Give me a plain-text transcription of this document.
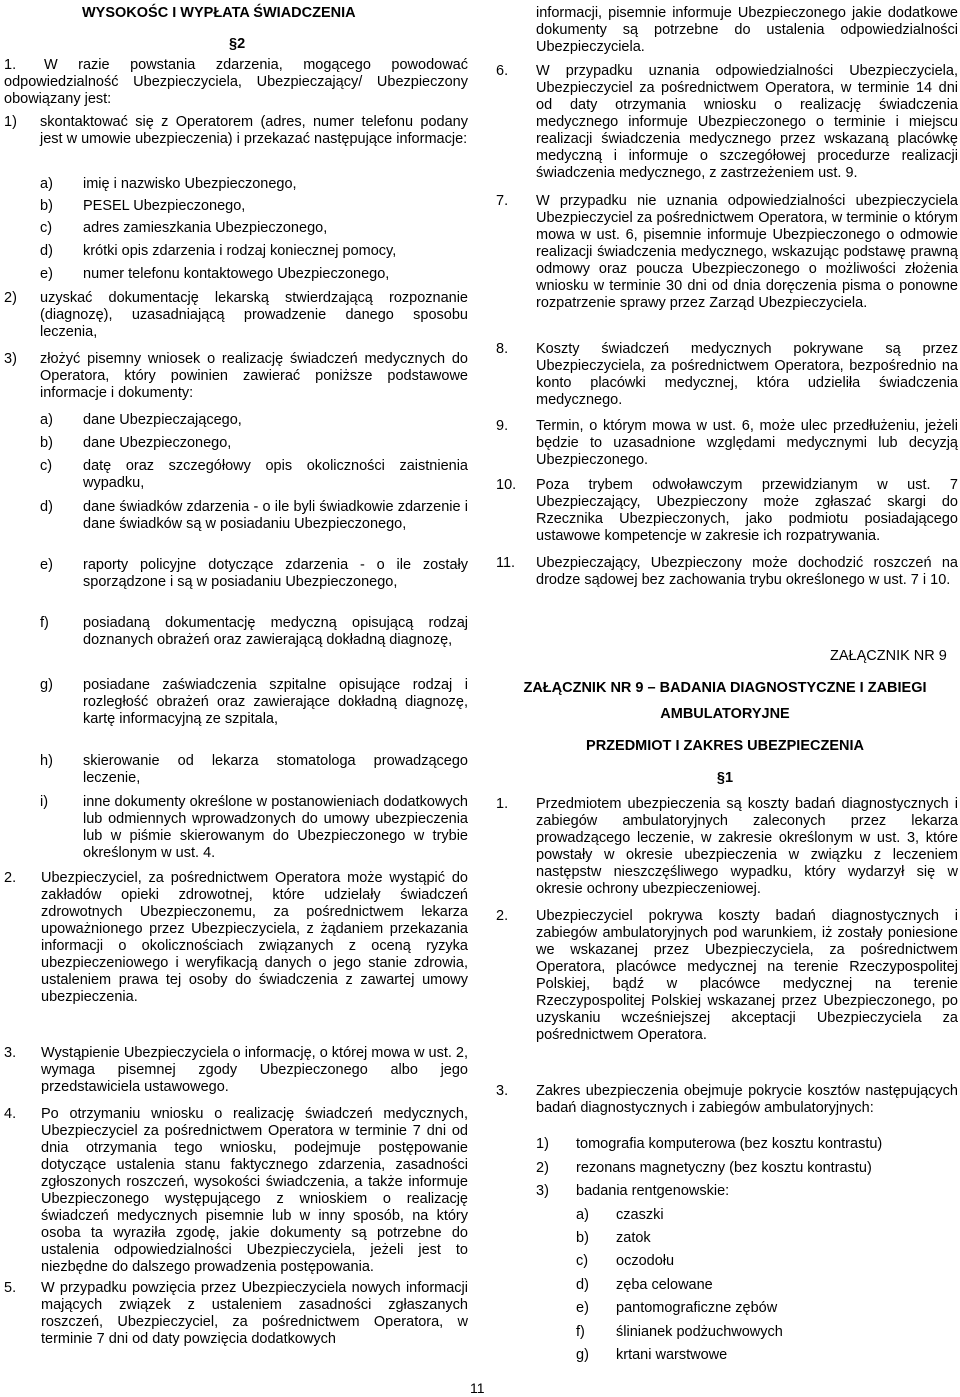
WYSOKOŚC I WYPŁATA ŚWIADCZENIA
§2
1.	W razie powstania zdarzenia, mogącego powodować odpowiedzialność Ubezpieczyciela, Ubezpieczający/ Ubezpieczony obowiązany jest:
1)	skontaktować się z Operatorem (adres, numer telefonu podany jest w umowie ubezpieczenia) i przekazać następujące informacje:
a)	imię i nazwisko Ubezpieczonego,
b)	PESEL Ubezpieczonego,
c)	adres zamieszkania Ubezpieczonego,
d)	krótki opis zdarzenia i rodzaj koniecznej pomocy,
e)	numer telefonu kontaktowego Ubezpieczonego,
2)	uzyskać dokumentację lekarską stwierdzającą rozpoznanie (diagnozę), uzasadniającą prowadzenie danego sposobu leczenia,
3)	złożyć pisemny wniosek o realizację świadczeń medycznych do Operatora, który powinien zawierać poniższe podstawowe informacje i dokumenty:
a)	dane Ubezpieczającego,
b)	dane Ubezpieczonego,
c)	datę oraz szczegółowy opis okoliczności zaistnienia wypadku,
d)	dane świadków zdarzenia - o ile byli świadkowie zdarzenie i dane świadków są w posiadaniu Ubezpieczonego,
e)	raporty policyjne dotyczące zdarzenia - o ile zostały sporządzone i są w posiadaniu Ubezpieczonego,
f)	posiadaną dokumentację medyczną opisującą rodzaj doznanych obrażeń oraz zawierającą dokładną diagnozę,
g)	posiadane zaświadczenia szpitalne opisujące rodzaj i rozległość obrażeń oraz zawierające dokładną diagnozę, kartę informacyjną ze szpitala,
h)	skierowanie od lekarza stomatologa prowadzącego leczenie,
i)	inne dokumenty określone w postanowieniach dodatkowych lub odmiennych wprowadzonych do umowy ubezpieczenia lub w piśmie skierowanym do Ubezpieczonego w trybie określonym w ust. 4.
2.	Ubezpieczyciel, za pośrednictwem Operatora może wystąpić do zakładów opieki zdrowotnej, które udzielały świadczeń zdrowotnych Ubezpieczonemu, za pośrednictwem lekarza upoważnionego przez Ubezpieczyciela, z żądaniem przekazania informacji o okolicznościach związanych z oceną ryzyka ubezpieczeniowego i weryfikacją danych o jego stanie zdrowia, ustaleniem prawa tej osoby do świadczenia z zawartej umowy ubezpieczenia.
3.	Wystąpienie Ubezpieczyciela o informację, o której mowa w ust. 2, wymaga pisemnej zgody Ubezpieczonego albo jego przedstawiciela ustawowego.
4.	Po otrzymaniu wniosku o realizację świadczeń medycznych, Ubezpieczyciel za pośrednictwem Operatora w terminie 7 dni od dnia otrzymania tego wniosku, podejmuje postępowanie dotyczące ustalenia stanu faktycznego zdarzenia, zasadności zgłoszonych roszczeń, wysokości świadczenia, a także informuje Ubezpieczonego występującego z wnioskiem o realizację świadczeń medycznych pisemnie lub w inny sposób, na który osoba ta wyraziła zgodę, jakie dokumenty są potrzebne do ustalenia odpowiedzialności Ubezpieczyciela, jeżeli jest to niezbędne do dalszego prowadzenia postępowania.
5.	W przypadku powzięcia przez Ubezpieczyciela nowych informacji mających związek z ustaleniem zasadności zgłaszanych roszczeń, Ubezpieczyciel, za pośrednictwem Operatora, w terminie 7 dni od daty powzięcia dodatkowych
informacji, pisemnie informuje Ubezpieczonego jakie dodatkowe dokumenty są potrzebne do ustalenia odpowiedzialności Ubezpieczyciela.
6.	W przypadku uznania odpowiedzialności Ubezpieczyciela, Ubezpieczyciel za pośrednictwem Operatora, w terminie 14 dni od daty otrzymania wniosku o realizację świadczenia medycznego informuje Ubezpieczonego o terminie i miejscu realizacji świadczenia medycznego przez wskazaną placówkę medyczną i informuje o szczegółowej procedurze realizacji świadczenia medycznego, z zastrzeżeniem ust. 9.
7.	W przypadku nie uznania odpowiedzialności ubezpieczyciela Ubezpieczyciel za pośrednictwem Operatora, w terminie o którym mowa w ust. 6, pisemnie informuje Ubezpieczonego o odmowie realizacji świadczenia medycznego, wskazując podstawę prawną odmowy oraz poucza Ubezpieczonego o możliwości złożenia wniosku w terminie 30 dni od dnia doręczenia pisma o ponowne rozpatrzenie sprawy przez Zarząd Ubezpieczyciela.
8.	Koszty świadczeń medycznych pokrywane są przez Ubezpieczyciela, za pośrednictwem Operatora, bezpośrednio na konto placówki medycznej, która udzieliła świadczenia medycznego.
9.	Termin, o którym mowa w ust. 6, może ulec przedłużeniu, jeżeli będzie to uzasadnione względami medycznymi lub decyzją Ubezpieczonego.
10.	Poza trybem odwoławczym przewidzianym w ust. 7 Ubezpieczający, Ubezpieczony może zgłaszać skargi do Rzecznika Ubezpieczonych, jako podmiotu posiadającego ustawowe kompetencje w zakresie ich rozpatrywania.
11.	Ubezpieczający, Ubezpieczony może dochodzić roszczeń na drodze sądowej bez zachowania trybu określonego w ust. 7 i 10.
ZAŁĄCZNIK NR 9
ZAŁĄCZNIK NR 9 – BADANIA DIAGNOSTYCZNE I ZABIEGI
AMBULATORYJNE
PRZEDMIOT I ZAKRES UBEZPIECZENIA
§1
1.	Przedmiotem ubezpieczenia są koszty badań diagnostycznych i zabiegów ambulatoryjnych zaleconych przez lekarza prowadzącego leczenie, w zakresie określonym w ust. 3, które powstały w okresie ubezpieczenia w związku z leczeniem następstw nieszczęśliwego wypadku, który wydarzył się w okresie ochrony ubezpieczeniowej.
2.	Ubezpieczyciel pokrywa koszty badań diagnostycznych i zabiegów ambulatoryjnych pod warunkiem, iż zostały poniesione we wskazanej przez Ubezpieczyciela, za pośrednictwem Operatora, placówce medycznej na terenie Rzeczypospolitej Polskiej, bądź w placówce medycznej na terenie Rzeczypospolitej Polskiej wskazanej przez Ubezpieczonego, po uzyskaniu wcześniejszej akceptacji Ubezpieczyciela za pośrednictwem Operatora.
3.	Zakres ubezpieczenia obejmuje pokrycie kosztów następujących badań diagnostycznych i zabiegów ambulatoryjnych:
1)	tomografia komputerowa (bez kosztu kontrastu)
2)	rezonans magnetyczny (bez kosztu kontrastu)
3)	badania rentgenowskie:
a)	czaszki
b)	zatok
c)	oczodołu
d)	zęba celowane
e)	pantomograficzne zębów
f)	ślinianek podżuchwowych
g)	krtani warstwowe
11
